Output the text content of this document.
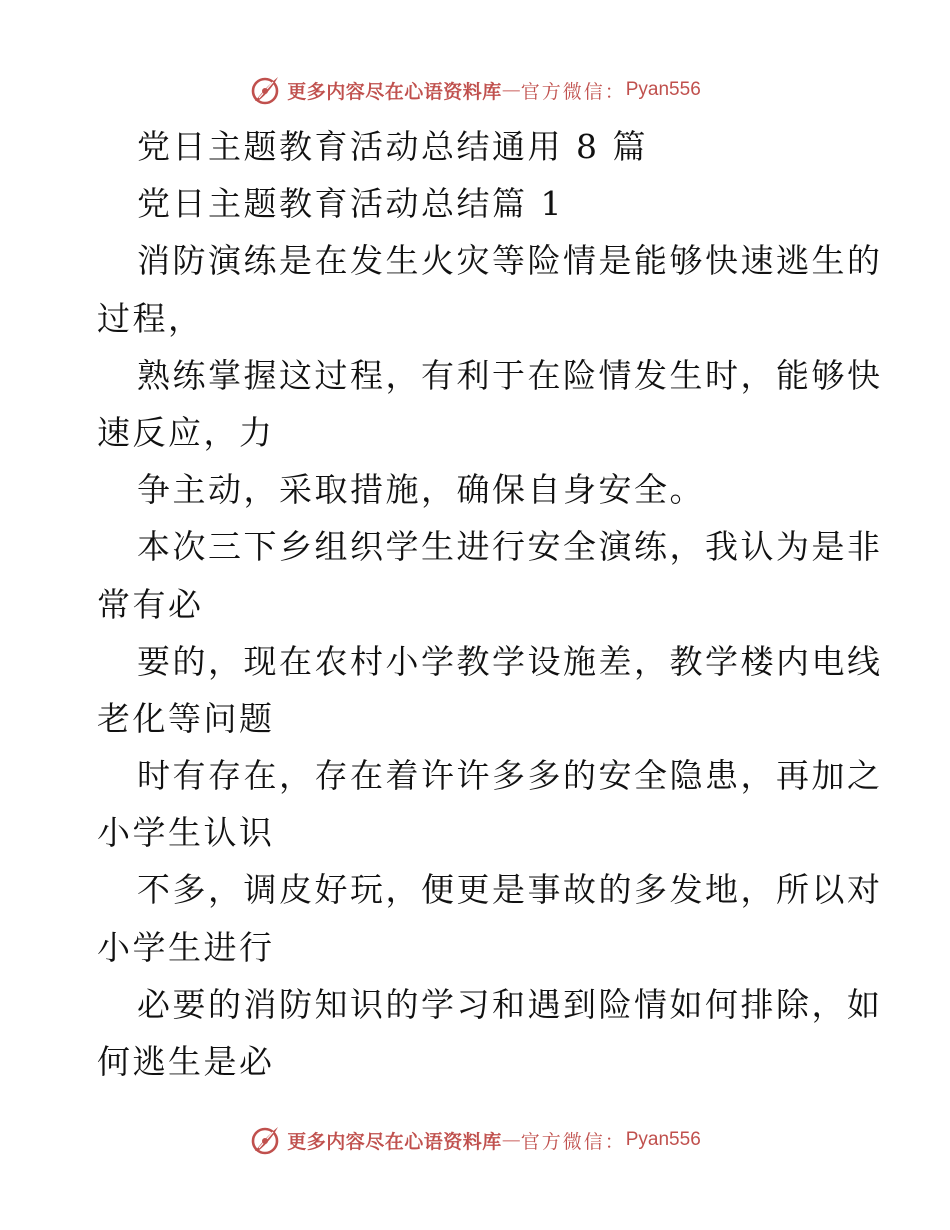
更多内容尽在心语资料库 — 官方微信： Pyan556
党日主题教育活动总结通用 8 篇
党日主题教育活动总结篇 1
消防演练是在发生火灾等险情是能够快速逃生的
过程，
熟练掌握这过程，有利于在险情发生时，能够快
速反应，力
争主动，采取措施，确保自身安全。
本次三下乡组织学生进行安全演练，我认为是非
常有必
要的，现在农村小学教学设施差，教学楼内电线
老化等问题
时有存在，存在着许许多多的安全隐患，再加之
小学生认识
不多，调皮好玩，便更是事故的多发地，所以对
小学生进行
必要的消防知识的学习和遇到险情如何排除，如
何逃生是必
更多内容尽在心语资料库 — 官方微信： Pyan556
